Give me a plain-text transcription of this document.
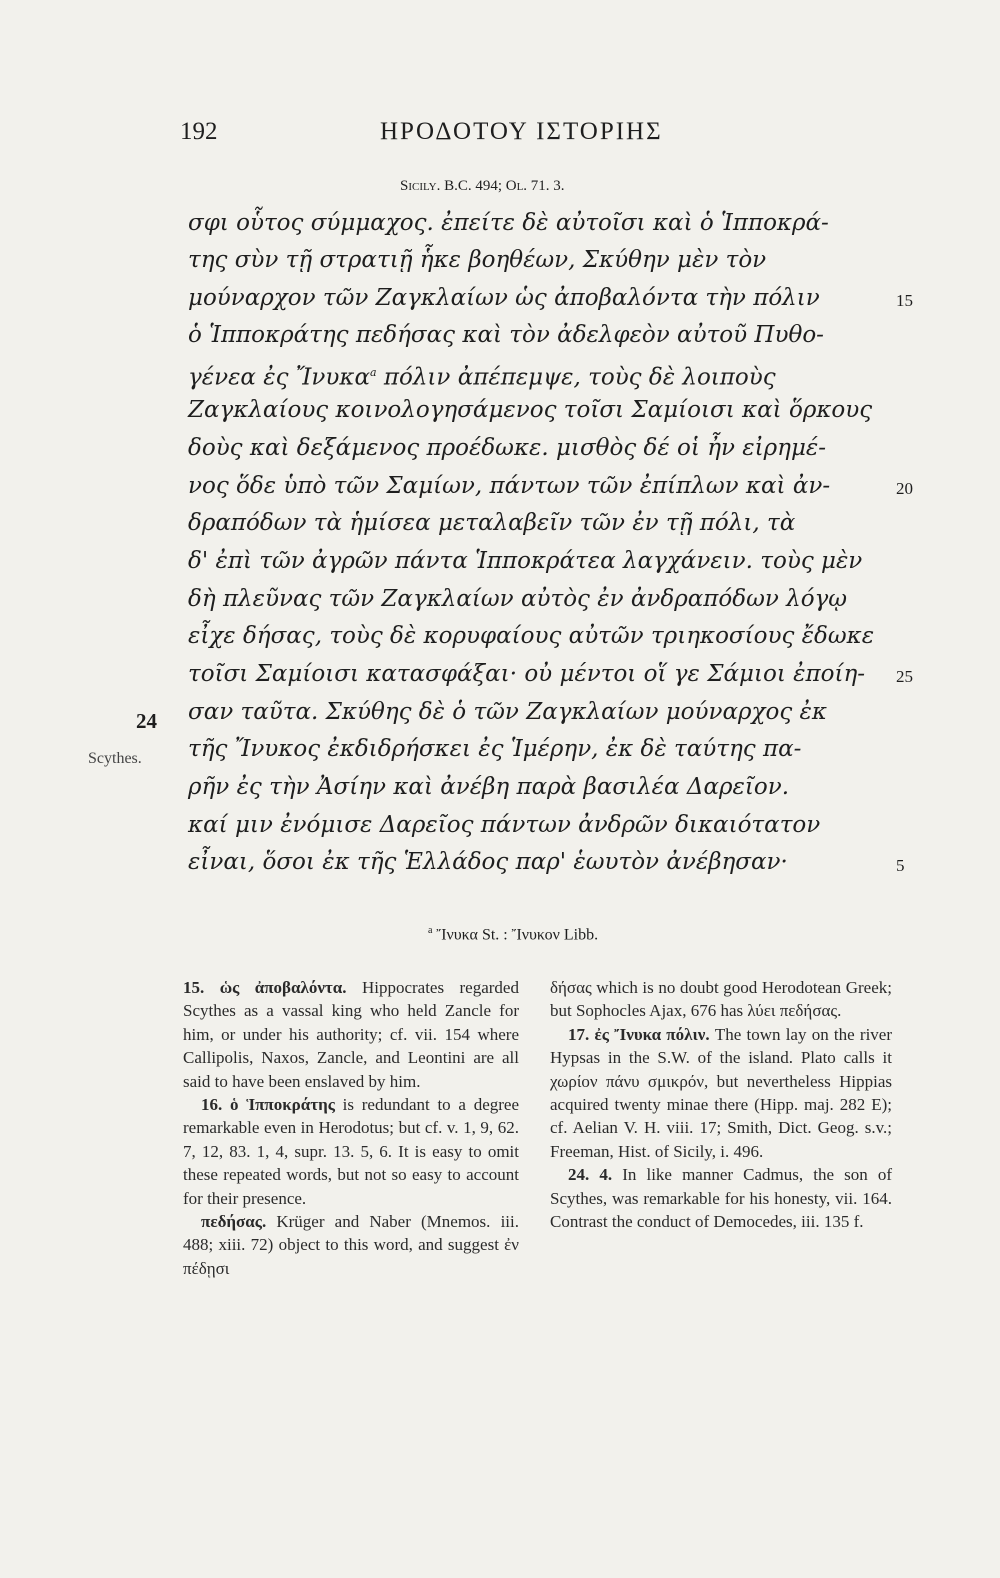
192	ΗΡΟΔΟΤΟΥ ΙΣΤΟΡΙΗΣ
Sicily. B.C. 494; Ol. 71. 3.
σφι οὗτος σύμμαχος. ἐπείτε δὲ αὐτοῖσι καὶ ὁ Ἱπποκρά-
της σὺν τῇ στρατιῇ ἧκε βοηθέων, Σκύθην μὲν τὸν
μούναρχον τῶν Ζαγκλαίων ὡς ἀποβαλόντα τὴν πόλιν	15
ὁ Ἱπποκράτης πεδήσας καὶ τὸν ἀδελφεὸν αὐτοῦ Πυθο-
γένεα ἐς Ἴνυκα$^a$ πόλιν ἀπέπεμψε, τοὺς δὲ λοιποὺς
Ζαγκλαίους κοινολογησάμενος τοῖσι Σαμίοισι καὶ ὅρκους
δοὺς καὶ δεξάμενος προέδωκε. μισθὸς δέ οἱ ἦν εἰρημέ-
νος ὅδε ὑπὸ τῶν Σαμίων, πάντων τῶν ἐπίπλων καὶ ἀν-	20
δραπόδων τὰ ἡμίσεα μεταλαβεῖν τῶν ἐν τῇ πόλι, τὰ
δ' ἐπὶ τῶν ἀγρῶν πάντα Ἱπποκράτεα λαγχάνειν. τοὺς μὲν
δὴ πλεῦνας τῶν Ζαγκλαίων αὐτὸς ἐν ἀνδραπόδων λόγῳ
εἶχε δήσας, τοὺς δὲ κορυφαίους αὐτῶν τριηκοσίους ἔδωκε
τοῖσι Σαμίοισι κατασφάξαι· οὐ μέντοι οἵ γε Σάμιοι ἐποίη-	25
σαν ταῦτα. Σκύθης δὲ ὁ τῶν Ζαγκλαίων μούναρχος ἐκ
τῆς Ἴνυκος ἐκδιδρήσκει ἐς Ἱμέρην, ἐκ δὲ ταύτης πα-
ρῆν ἐς τὴν Ἀσίην καὶ ἀνέβη παρὰ βασιλέα Δαρεῖον.
καί μιν ἐνόμισε Δαρεῖος πάντων ἀνδρῶν δικαιότατον
εἶναι, ὅσοι ἐκ τῆς Ἑλλάδος παρ' ἑωυτὸν ἀνέβησαν·	5
24
Scythes.
$^a$ Ἴνυκα St. : Ἴνυκον Libb.

15. ὡς ἀποβαλόντα. Hippocrates regarded Scythes as a vassal king who held Zancle for him, or under his authority; cf. vii. 154 where Callipolis, Naxos, Zancle, and Leontini are all said to have been enslaved by him.

16. ὁ Ἱπποκράτης is redundant to a degree remarkable even in Herodotus; but cf. v. 1, 9, 62. 7, 12, 83. 1, 4, supr. 13. 5, 6. It is easy to omit these repeated words, but not so easy to account for their presence.

πεδήσας. Krüger and Naber (Mnemos. iii. 488; xiii. 72) object to this word, and suggest ἐν πέδῃσι

δήσας which is no doubt good Herodotean Greek; but Sophocles Ajax, 676 has λύει πεδήσας.

17. ἐς Ἴνυκα πόλιν. The town lay on the river Hypsas in the S.W. of the island. Plato calls it χωρίον πάνυ σμικρόν, but nevertheless Hippias acquired twenty minae there (Hipp. maj. 282 E); cf. Aelian V. H. viii. 17; Smith, Dict. Geog. s.v.; Freeman, Hist. of Sicily, i. 496.

24. 4. In like manner Cadmus, the son of Scythes, was remarkable for his honesty, vii. 164. Contrast the conduct of Democedes, iii. 135 f.
